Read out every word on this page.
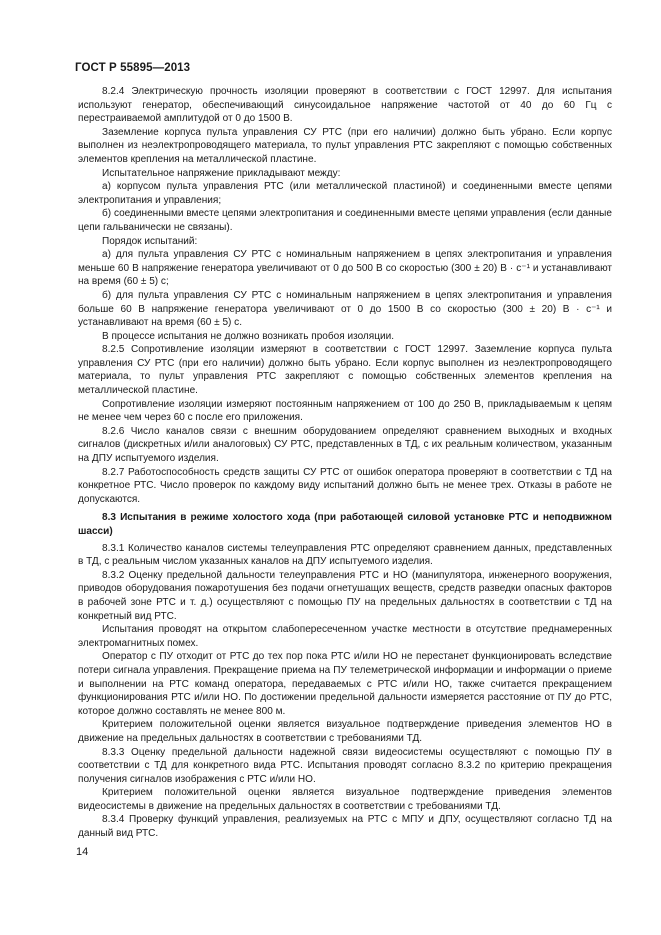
ГОСТ Р 55895—2013

8.2.4 Электрическую прочность изоляции проверяют в соответствии с ГОСТ 12997. Для испытания используют генератор, обеспечивающий синусоидальное напряжение частотой от 40 до 60 Гц с перестраиваемой амплитудой от 0 до 1500 В.

Заземление корпуса пульта управления СУ РТС (при его наличии) должно быть убрано. Если корпус выполнен из неэлектропроводящего материала, то пульт управления РТС закрепляют с помощью собственных элементов крепления на металлической пластине.

Испытательное напряжение прикладывают между:

а) корпусом пульта управления РТС (или металлической пластиной) и соединенными вместе цепями электропитания и управления;

б) соединенными вместе цепями электропитания и соединенными вместе цепями управления (если данные цепи гальванически не связаны).

Порядок испытаний:

а) для пульта управления СУ РТС с номинальным напряжением в цепях электропитания и управления меньше 60 В напряжение генератора увеличивают от 0 до 500 В со скоростью (300 ± 20) В · с⁻¹ и устанавливают на время (60 ± 5) с;

б) для пульта управления СУ РТС с номинальным напряжением в цепях электропитания и управления больше 60 В напряжение генератора увеличивают от 0 до 1500 В со скоростью (300 ± 20) В · с⁻¹ и устанавливают на время (60 ± 5) с.

В процессе испытания не должно возникать пробоя изоляции.

8.2.5 Сопротивление изоляции измеряют в соответствии с ГОСТ 12997. Заземление корпуса пульта управления СУ РТС (при его наличии) должно быть убрано. Если корпус выполнен из неэлектропроводящего материала, то пульт управления РТС закрепляют с помощью собственных элементов крепления на металлической пластине.

Сопротивление изоляции измеряют постоянным напряжением от 100 до 250 В, прикладываемым к цепям не менее чем через 60 с после его приложения.

8.2.6 Число каналов связи с внешним оборудованием определяют сравнением выходных и входных сигналов (дискретных и/или аналоговых) СУ РТС, представленных в ТД, с их реальным количеством, указанным на ДПУ испытуемого изделия.

8.2.7 Работоспособность средств защиты СУ РТС от ошибок оператора проверяют в соответствии с ТД на конкретное РТС. Число проверок по каждому виду испытаний должно быть не менее трех. Отказы в работе не допускаются.

8.3 Испытания в режиме холостого хода (при работающей силовой установке РТС и неподвижном шасси)

8.3.1 Количество каналов системы телеуправления РТС определяют сравнением данных, представленных в ТД, с реальным числом указанных каналов на ДПУ испытуемого изделия.

8.3.2 Оценку предельной дальности телеуправления РТС и НО (манипулятора, инженерного вооружения, приводов оборудования пожаротушения без подачи огнетушащих веществ, средств разведки опасных факторов в рабочей зоне РТС и т. д.) осуществляют с помощью ПУ на предельных дальностях в соответствии с ТД на конкретный вид РТС.

Испытания проводят на открытом слабопересеченном участке местности в отсутствие преднамеренных электромагнитных помех.

Оператор с ПУ отходит от РТС до тех пор пока РТС и/или НО не перестанет функционировать вследствие потери сигнала управления. Прекращение приема на ПУ телеметрической информации и информации о приеме и выполнении на РТС команд оператора, передаваемых с РТС и/или НО, также считается прекращением функционирования РТС и/или НО. По достижении предельной дальности измеряется расстояние от ПУ до РТС, которое должно составлять не менее 800 м.

Критерием положительной оценки является визуальное подтверждение приведения элементов НО в движение на предельных дальностях в соответствии с требованиями ТД.

8.3.3 Оценку предельной дальности надежной связи видеосистемы осуществляют с помощью ПУ в соответствии с ТД для конкретного вида РТС. Испытания проводят согласно 8.3.2 по критерию прекращения получения сигналов изображения с РТС и/или НО.

Критерием положительной оценки является визуальное подтверждение приведения элементов видеосистемы в движение на предельных дальностях в соответствии с требованиями ТД.

8.3.4 Проверку функций управления, реализуемых на РТС с МПУ и ДПУ, осуществляют согласно ТД на данный вид РТС.

14
